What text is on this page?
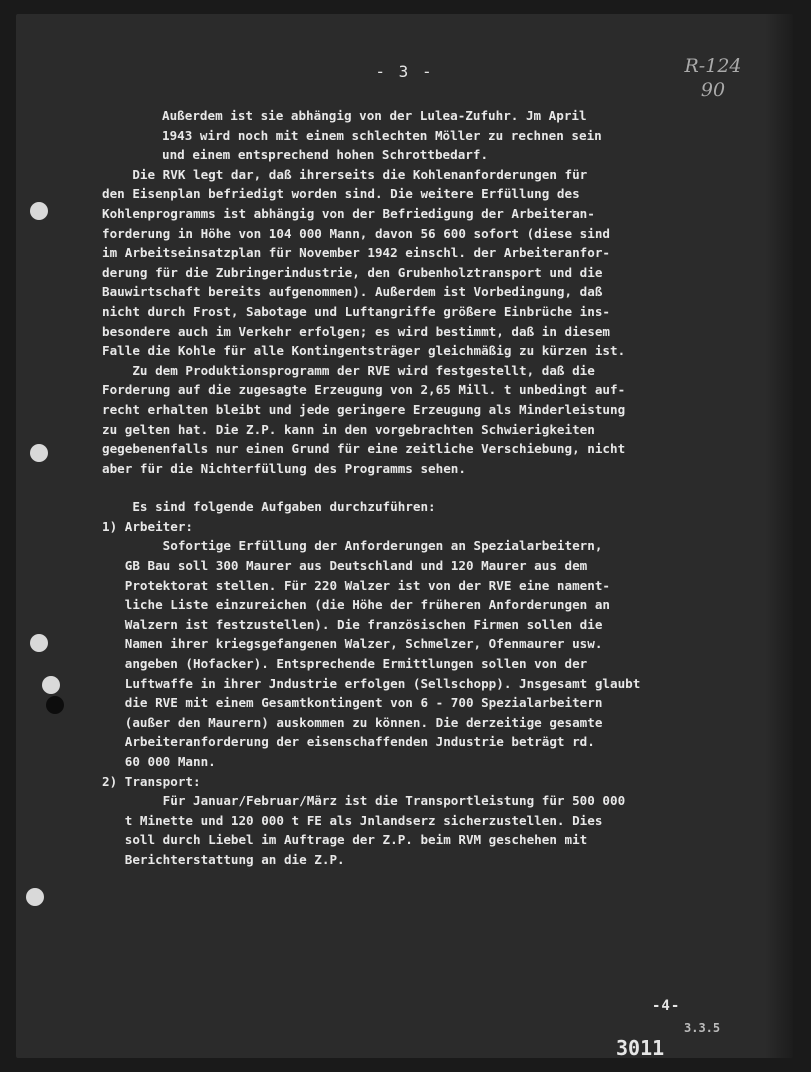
- 3 -	R-124
90
Außerdem ist sie abhängig von der Lulea-Zufuhr. Jm April
1943 wird noch mit einem schlechten Möller zu rechnen sein
und einem entsprechend hohen Schrottbedarf.
Die RVK legt dar, daß ihrerseits die Kohlenanforderungen für
den Eisenplan befriedigt worden sind. Die weitere Erfüllung des
Kohlenprogramms ist abhängig von der Befriedigung der Arbeiteran-
forderung in Höhe von 104 000 Mann, davon 56 600 sofort (diese sind
im Arbeitseinsatzplan für November 1942 einschl. der Arbeiteranfor-
derung für die Zubringerindustrie, den Grubenholztransport und die
Bauwirtschaft bereits aufgenommen). Außerdem ist Vorbedingung, daß
nicht durch Frost, Sabotage und Luftangriffe größere Einbrüche ins-
besondere auch im Verkehr erfolgen; es wird bestimmt, daß in diesem
Falle die Kohle für alle Kontingentsträger gleichmäßig zu kürzen ist.
Zu dem Produktionsprogramm der RVE wird festgestellt, daß die
Forderung auf die zugesagte Erzeugung von 2,65 Mill. t unbedingt auf-
recht erhalten bleibt und jede geringere Erzeugung als Minderleistung
zu gelten hat. Die Z.P. kann in den vorgebrachten Schwierigkeiten
gegebenenfalls nur einen Grund für eine zeitliche Verschiebung, nicht
aber für die Nichterfüllung des Programms sehen.
Es sind folgende Aufgaben durchzuführen:
1) Arbeiter:
Sofortige Erfüllung der Anforderungen an Spezialarbeitern,
GB Bau soll 300 Maurer aus Deutschland und 120 Maurer aus dem
Protektorat stellen. Für 220 Walzer ist von der RVE eine nament-
liche Liste einzureichen (die Höhe der früheren Anforderungen an
Walzern ist festzustellen). Die französischen Firmen sollen die
Namen ihrer kriegsgefangenen Walzer, Schmelzer, Ofenmaurer usw.
angeben (Hofacker). Entsprechende Ermittlungen sollen von der
Luftwaffe in ihrer Jndustrie erfolgen (Sellschopp). Jnsgesamt glaubt
die RVE mit einem Gesamtkontingent von 6 - 700 Spezialarbeitern
(außer den Maurern) auskommen zu können. Die derzeitige gesamte
Arbeiteranforderung der eisenschaffenden Jndustrie beträgt rd.
60 000 Mann.
2) Transport:
Für Januar/Februar/März ist die Transportleistung für 500 000
t Minette und 120 000 t FE als Jnlandserz sicherzustellen. Dies
soll durch Liebel im Auftrage der Z.P. beim RVM geschehen mit
Berichterstattung an die Z.P.
-4-
3.3.5
3011
